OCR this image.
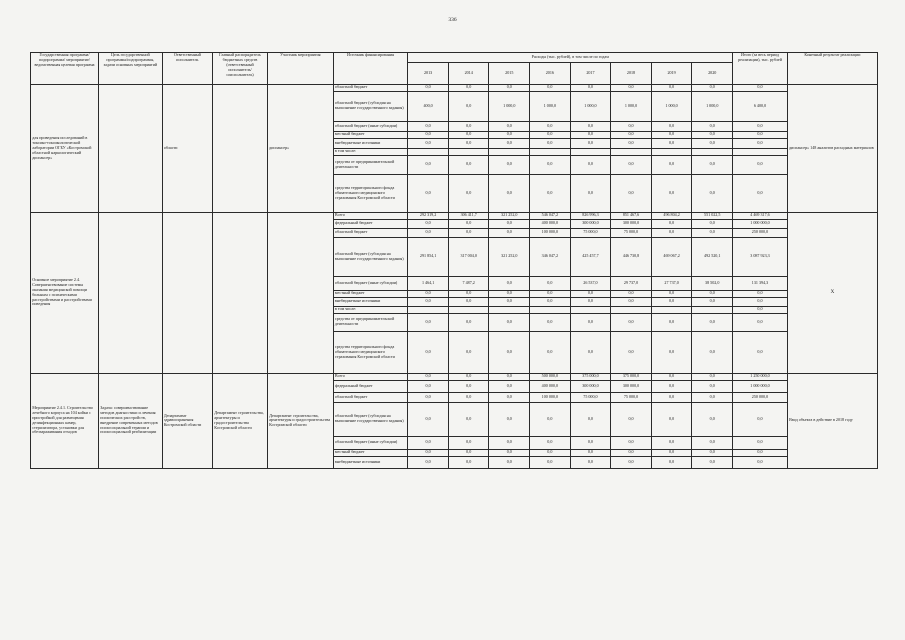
336
Государственная программа/подпрограмма/ мероприятие/ ведомственная целевая программа	Цель государственной программы/подпрограммы, задачи основных мероприятий	Ответственный исполнитель	Главный распорядитель бюджетных средств (ответственный исполнитель/ соисполнитель)	Участник мероприятия	Источник финансирования	Расходы (тыс. рублей), в том числе по годам								Итого (за весь период реализации), тыс. рублей	Конечный результат реализации
						2013	2014	2015	2016	2017	2018	2019	2020		
для проведения исследований в токсико-токсикологической лаборатории ОГБУ «Костромской областной наркологический диспансер»		области		диспансер»	областной бюджет	0,0	0,0	0,0	0,0	0,0	0,0	0,0	0,0	0,0	диспансер» 148 аналитов расходных материалов
					областной бюджет (субсидия на выполнение государственного задания)	400,0	0,0	1 000,0	1 000,0	1 000,0	1 000,0	1 000,0	1 000,0	6 400,0	
					областной бюджет (иные субсидии)	0,0	0,0	0,0	0,0	0,0	0,0	0,0	0,0	0,0	
					местный бюджет	0,0	0,0	0,0	0,0	0,0	0,0	0,0	0,0	0,0	
					внебюджетные источники	0,0	0,0	0,0	0,0	0,0	0,0	0,0	0,0	0,0	
					в том числе:										
					средства от предпринимательской деятельности	0,0	0,0	0,0	0,0	0,0	0,0	0,0	0,0	0,0	
					средства территориального фонда обязательного медицинского страхования Костромской области	0,0	0,0	0,0	0,0	0,0	0,0	0,0	0,0	0,0	
Основное мероприятие 2.4. Совершенствование системы оказания медицинской помощи больным с психическими расстройствами и расстройствами поведения					Всего	292 319,2	306 411,7	321 252,0	546 047,2	826 996,3	851 467,6	496 804,2	551 022,5	4 469 317,6	Х
					федеральный бюджет	0,0	0,0	0,0	400 000,0	300 000,0	300 000,0	0,0	0,0	1 000 000,0	
					областной бюджет	0,0	0,0	0,0	100 000,0	75 000,0	75 000,0	0,0	0,0	250 000,0	
					областной бюджет (субсидия на выполнение государственного задания)	291 854,1	317 004,0	321 252,0	346 047,2	425 457,7	446 730,8	469 067,2	492 520,1	3 087 923,3	
					областной бюджет (иные субсидии)	1 464,1	7 487,2	0,0	0,0	26 537,0	29 737,0	27 737,0	38 502,0	131 394,3	
					местный бюджет	0,0	0,0	0,0	0,0	0,0	0,0	0,0	0,0	0,0	
					внебюджетные источники	0,0	0,0	0,0	0,0	0,0	0,0	0,0	0,0	0,0	
					в том числе:									0,0	
					средства от предпринимательской деятельности	0,0	0,0	0,0	0,0	0,0	0,0	0,0	0,0	0,0	
					средства территориального фонда обязательного медицинского страхования Костромской области	0,0	0,0	0,0	0,0	0,0	0,0	0,0	0,0	0,0	
Мероприятие 2.4.1. Строительство лечебного корпуса на 104 койки с пристройкой для размещения дезинфекционных камер, стерилизатора, установки для обеззараживания отходов	Задача: совершенствование методов диагностики и лечения психических расстройств, внедрение современных методов психосоциальной терапии и психосоциальной реабилитации	Департамент здравоохранения Костромской области	Департамент строительства, архитектуры и градостроительства Костромской области	Департамент строительства, архитектуры и градостроительства Костромской области	Всего	0,0	0,0	0,0	500 000,0	375 000,0	375 000,0	0,0	0,0	1 250 000,0	Ввод объекта в действие в 2018 году
					федеральный бюджет	0,0	0,0	0,0	400 000,0	300 000,0	300 000,0	0,0	0,0	1 000 000,0	
					областной бюджет	0,0	0,0	0,0	100 000,0	75 000,0	75 000,0	0,0	0,0	250 000,0	
					областной бюджет (субсидия на выполнение государственного задания)	0,0	0,0	0,0	0,0	0,0	0,0	0,0	0,0	0,0	
					областной бюджет (иные субсидии)	0,0	0,0	0,0	0,0	0,0	0,0	0,0	0,0	0,0	
					местный бюджет	0,0	0,0	0,0	0,0	0,0	0,0	0,0	0,0	0,0	
					внебюджетные источники	0,0	0,0	0,0	0,0	0,0	0,0	0,0	0,0	0,0	
